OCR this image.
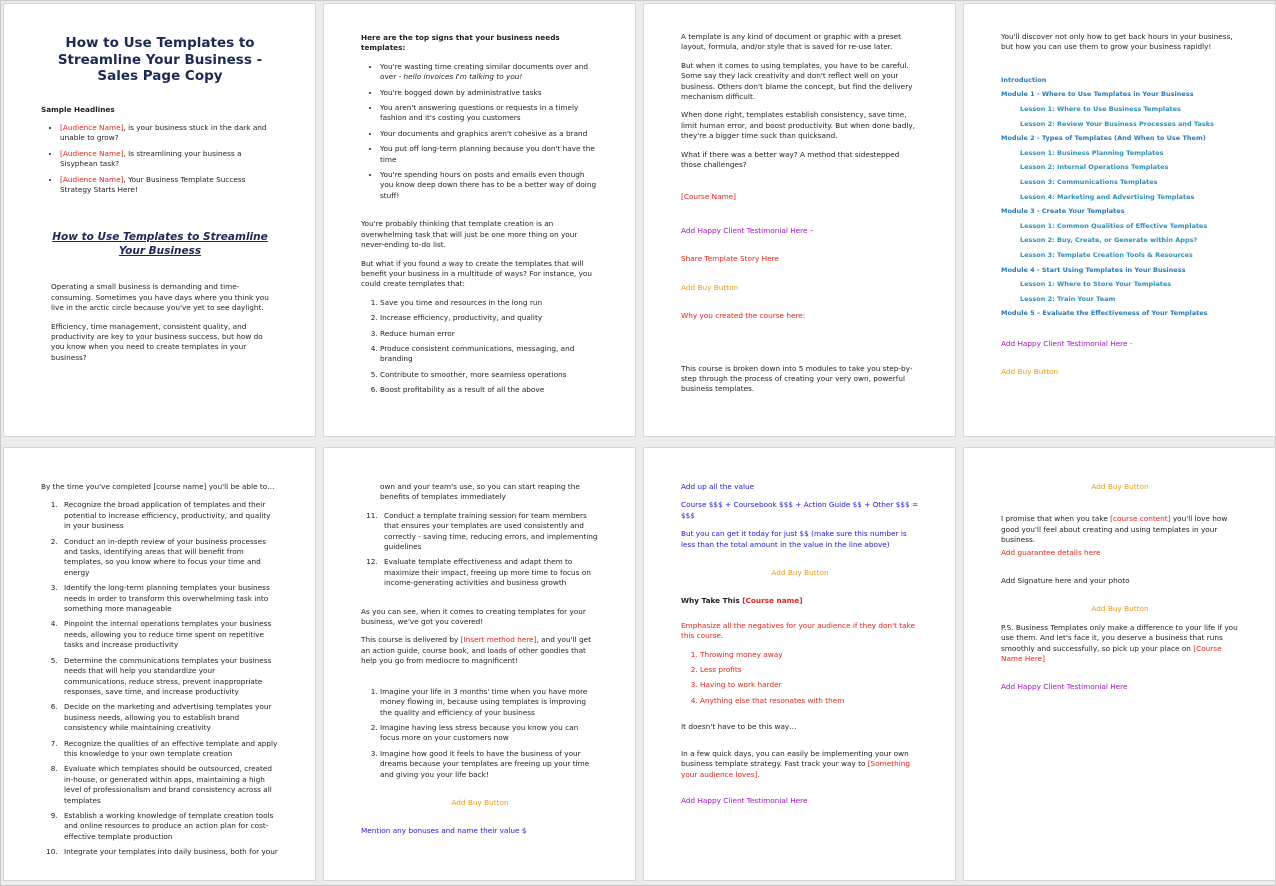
How to Use Templates to Streamline Your Business - Sales Page Copy

Sample Headlines

• [Audience Name], is your business stuck in the dark and unable to grow?
• [Audience Name], Is streamlining your business a Sisyphean task?
• [Audience Name], Your Business Template Success Strategy Starts Here!
How to Use Templates to Streamline Your Business

Operating a small business is demanding and time-consuming. Sometimes you have days where you think you live in the arctic circle because you've yet to see daylight.

Efficiency, time management, consistent quality, and productivity are key to your business success, but how do you know when you need to create templates in your business?

Here are the top signs that your business needs templates:

• You're wasting time creating similar documents over and over - hello invoices I'm talking to you!
• You're bogged down by administrative tasks
• You aren't answering questions or requests in a timely fashion and it's costing you customers
• Your documents and graphics aren't cohesive as a brand
• You put off long-term planning because you don't have the time
• You're spending hours on posts and emails even though you know deep down there has to be a better way of doing stuff!

You're probably thinking that template creation is an overwhelming task that will just be one more thing on your never-ending to-do list.

But what if you found a way to create the templates that will benefit your business in a multitude of ways? For instance, you could create templates that:

1. Save you time and resources in the long run
2. Increase efficiency, productivity, and quality
3. Reduce human error
4. Produce consistent communications, messaging, and branding
5. Contribute to smoother, more seamless operations
6. Boost profitability as a result of all the above

A template is any kind of document or graphic with a preset layout, formula, and/or style that is saved for re-use later.

But when it comes to using templates, you have to be careful. Some say they lack creativity and don't reflect well on your business. Others don't blame the concept, but find the delivery mechanism difficult.

When done right, templates establish consistency, save time, limit human error, and boost productivity. But when done badly, they're a bigger time suck than quicksand.

What if there was a better way? A method that sidestepped those challenges?

[Course Name]

Add Happy Client Testimonial Here –

Share Template Story Here

Add Buy Button

Why you created the course here:

This course is broken down into 5 modules to take you step-by-step through the process of creating your very own, powerful business templates.

You'll discover not only how to get back hours in your business, but how you can use them to grow your business rapidly!

Introduction

Module 1 - Where to Use Templates in Your Business

Lesson 1: Where to Use Business Templates

Lesson 2: Review Your Business Processes and Tasks

Module 2 - Types of Templates (And When to Use Them)

Lesson 1: Business Planning Templates

Lesson 2: Internal Operations Templates

Lesson 3: Communications Templates

Lesson 4: Marketing and Advertising Templates

Module 3 - Create Your Templates

Lesson 1: Common Qualities of Effective Templates

Lesson 2: Buy, Create, or Generate within Apps?

Lesson 3: Template Creation Tools & Resources

Module 4 - Start Using Templates in Your Business

Lesson 1: Where to Store Your Templates

Lesson 2: Train Your Team

Module 5 – Evaluate the Effectiveness of Your Templates

Add Happy Client Testimonial Here -

Add Buy Button

By the time you've completed [course name] you'll be able to…

1. Recognize the broad application of templates and their potential to increase efficiency, productivity, and quality in your business
2. Conduct an in-depth review of your business processes and tasks, identifying areas that will benefit from templates, so you know where to focus your time and energy
3. Identify the long-term planning templates your business needs in order to transform this overwhelming task into something more manageable
4. Pinpoint the internal operations templates your business needs, allowing you to reduce time spent on repetitive tasks and increase productivity
5. Determine the communications templates your business needs that will help you standardize your communications, reduce stress, prevent inappropriate responses, save time, and increase productivity
6. Decide on the marketing and advertising templates your business needs, allowing you to establish brand consistency while maintaining creativity
7. Recognize the qualities of an effective template and apply this knowledge to your own template creation
8. Evaluate which templates should be outsourced, created in-house, or generated within apps, maintaining a high level of professionalism and brand consistency across all templates
9. Establish a working knowledge of template creation tools and online resources to produce an action plan for cost-effective template production
10. Integrate your templates into daily business, both for your

own and your team's use, so you can start reaping the benefits of templates immediately

11. Conduct a template training session for team members that ensures your templates are used consistently and correctly - saving time, reducing errors, and implementing guidelines
12. Evaluate template effectiveness and adapt them to maximize their impact, freeing up more time to focus on income-generating activities and business growth

As you can see, when it comes to creating templates for your business, we've got you covered!

This course is delivered by [Insert method here], and you'll get an action guide, course book, and loads of other goodies that help you go from mediocre to magnificent!

1. Imagine your life in 3 months' time when you have more money flowing in, because using templates is improving the quality and efficiency of your business
2. Imagine having less stress because you know you can focus more on your customers now
3. Imagine how good it feels to have the business of your dreams because your templates are freeing up your time and giving you your life back!

Add Buy Button

Mention any bonuses and name their value $

Add up all the value

Course $$$ + Coursebook $$$ + Action Guide $$ + Other $$$ = $$$

But you can get it today for just $$ (make sure this number is less than the total amount in the value in the line above)

Add Buy Button

Why Take This [Course name]

Emphasize all the negatives for your audience if they don't take this course.

1. Throwing money away
2. Less profits
3. Having to work harder
4. Anything else that resonates with them

It doesn't have to be this way…

In a few quick days, you can easily be implementing your own business template strategy. Fast track your way to [Something your audience loves].

Add Happy Client Testimonial Here

Add Buy Button

I promise that when you take [course content] you'll love how good you'll feel about creating and using templates in your business.

Add guarantee details here

Add Signature here and your photo

Add Buy Button

P.S. Business Templates only make a difference to your life if you use them. And let's face it, you deserve a business that runs smoothly and successfully, so pick up your place on [Course Name Here]

Add Happy Client Testimonial Here
